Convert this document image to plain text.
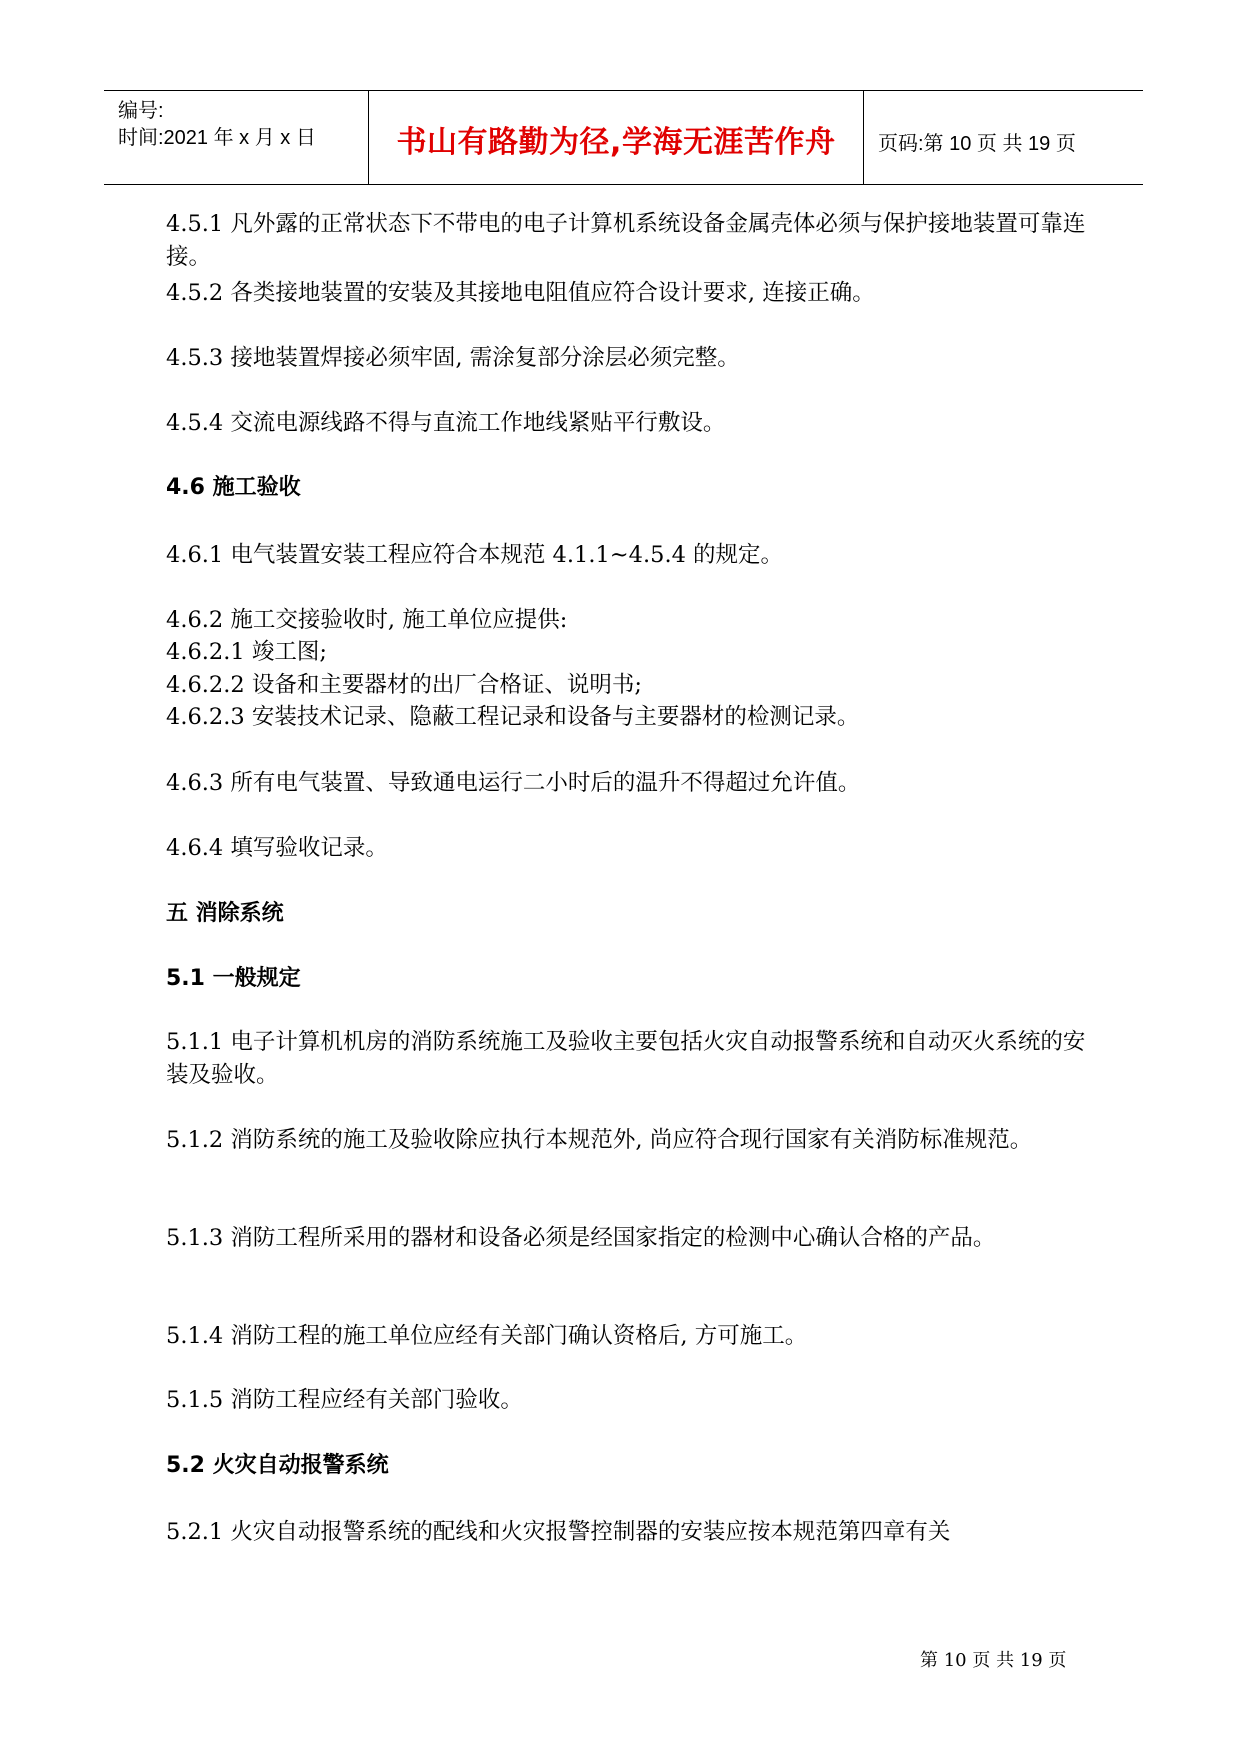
编号:
时间:2021 年 x 月 x 日	书山有路勤为径,学海无涯苦作舟	页码:第 10 页 共 19 页

4.5.1 凡外露的正常状态下不带电的电子计算机系统设备金属壳体必须与保护接地装置可靠连接。

4.5.2 各类接地装置的安装及其接地电阻值应符合设计要求, 连接正确。

4.5.3 接地装置焊接必须牢固, 需涂复部分涂层必须完整。

4.5.4 交流电源线路不得与直流工作地线紧贴平行敷设。

4.6 施工验收

4.6.1 电气装置安装工程应符合本规范 4.1.1~4.5.4 的规定。

4.6.2 施工交接验收时, 施工单位应提供:

4.6.2.1 竣工图;

4.6.2.2 设备和主要器材的出厂合格证、说明书;

4.6.2.3 安装技术记录、隐蔽工程记录和设备与主要器材的检测记录。

4.6.3 所有电气装置、导致通电运行二小时后的温升不得超过允许值。

4.6.4 填写验收记录。

五 消除系统
5.1 一般规定

5.1.1 电子计算机机房的消防系统施工及验收主要包括火灾自动报警系统和自动灭火系统的安装及验收。

5.1.2 消防系统的施工及验收除应执行本规范外, 尚应符合现行国家有关消防标准规范。

5.1.3 消防工程所采用的器材和设备必须是经国家指定的检测中心确认合格的产品。

5.1.4 消防工程的施工单位应经有关部门确认资格后, 方可施工。

5.1.5 消防工程应经有关部门验收。

5.2 火灾自动报警系统

5.2.1 火灾自动报警系统的配线和火灾报警控制器的安装应按本规范第四章有关

第 10 页 共 19 页
